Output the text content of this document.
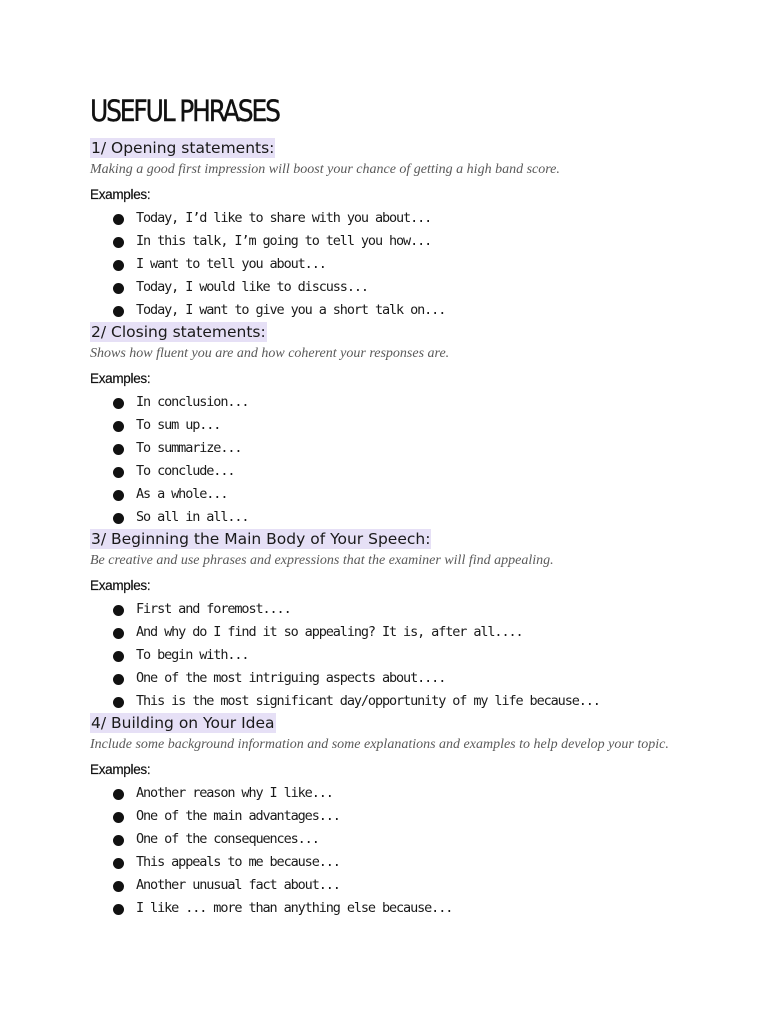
USEFUL PHRASES
1/ Opening statements:
Making a good first impression will boost your chance of getting a high band score.
Examples:
Today, I’d like to share with you about...
In this talk, I’m going to tell you how...
I want to tell you about...
Today, I would like to discuss...
Today, I want to give you a short talk on...
2/ Closing statements:
Shows how fluent you are and how coherent your responses are.
Examples:
In conclusion...
To sum up...
To summarize...
To conclude...
As a whole...
So all in all...
3/ Beginning the Main Body of Your Speech:
Be creative and use phrases and expressions that the examiner will find appealing.
Examples:
First and foremost....
And why do I find it so appealing? It is, after all....
To begin with...
One of the most intriguing aspects about....
This is the most significant day/opportunity of my life because...
4/ Building on Your Idea
Include some background information and some explanations and examples to help develop your topic.
Examples:
Another reason why I like...
One of the main advantages...
One of the consequences...
This appeals to me because...
Another unusual fact about...
I like ... more than anything else because...
